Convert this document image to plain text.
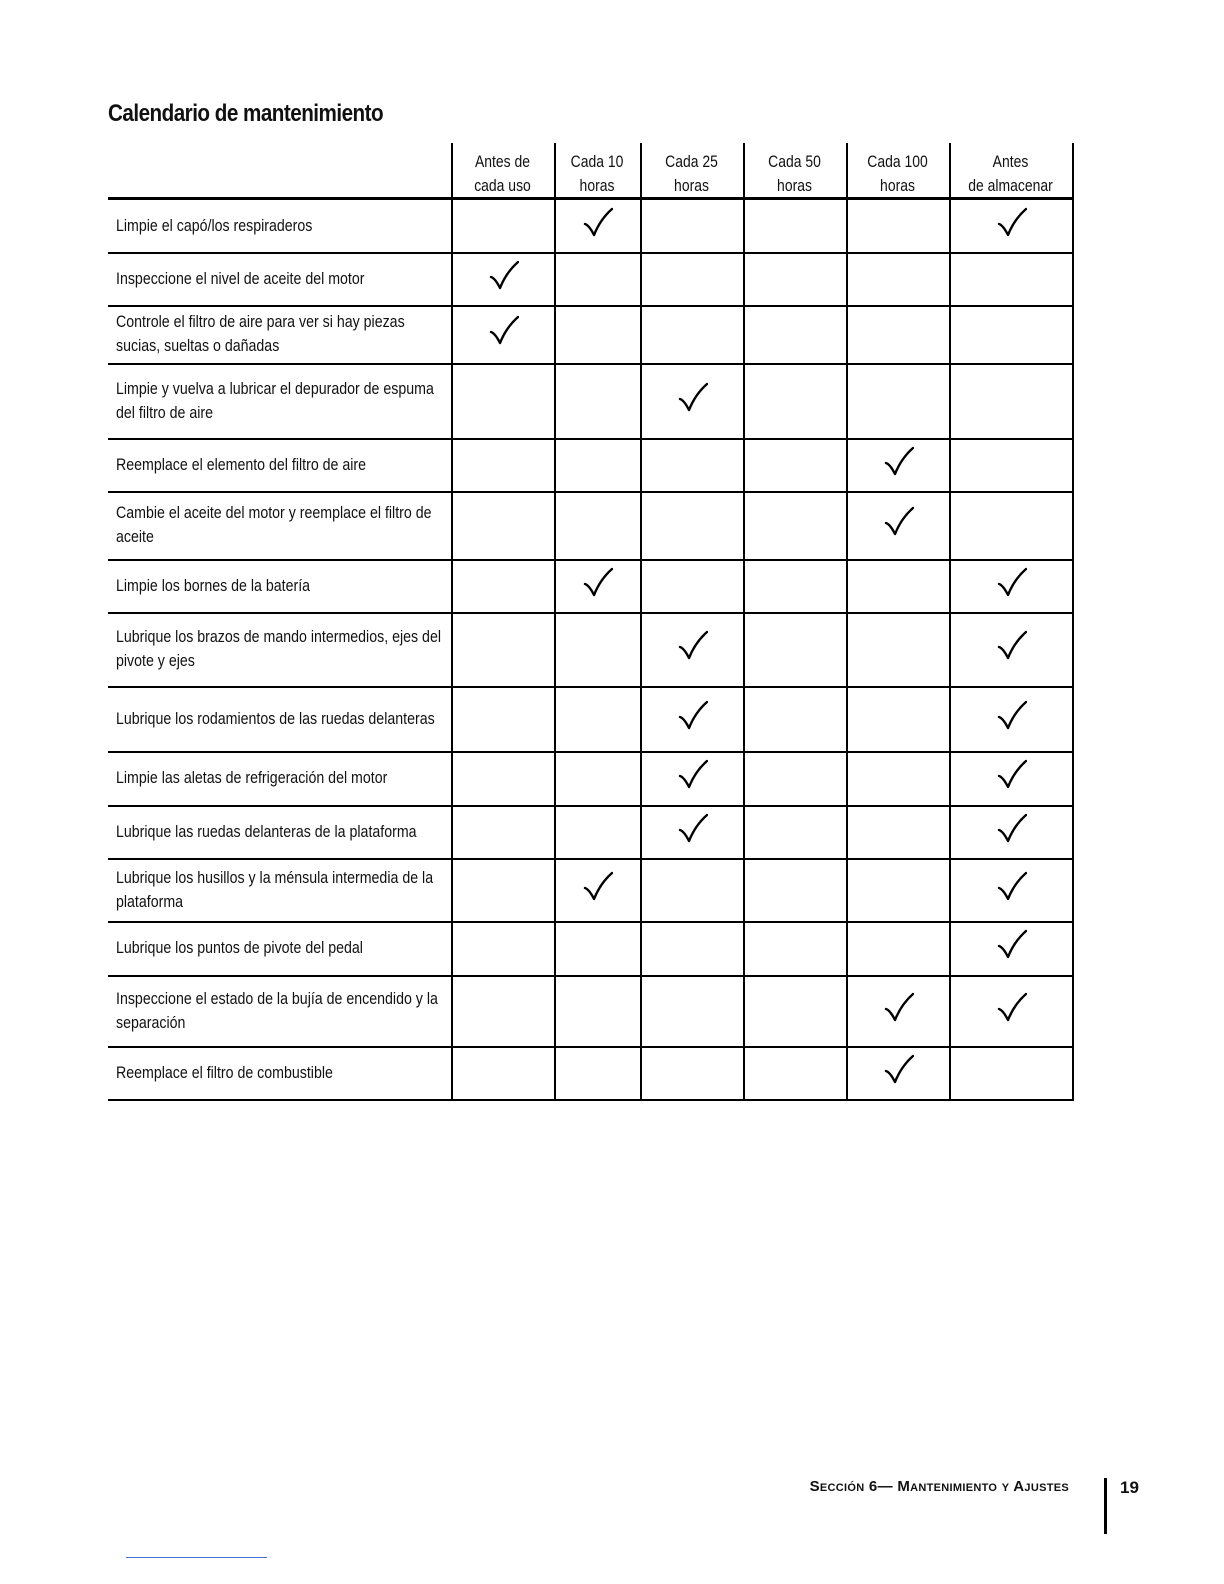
Calendario de mantenimiento
Antes de
cada uso
Cada 10
horas
Cada 25
horas
Cada 50
horas
Cada 100
horas
Antes
de almacenar
Limpie el capó/los respiraderos
Inspeccione el nivel de aceite del motor
Controle el filtro de aire para ver si hay piezas sucias, sueltas o dañadas
Limpie y vuelva a lubricar el depurador de espuma del filtro de aire
Reemplace el elemento del filtro de aire
Cambie el aceite del motor y reemplace el filtro de aceite
Limpie los bornes de la batería
Lubrique los brazos de mando intermedios, ejes del pivote y ejes
Lubrique los rodamientos de las ruedas delanteras
Limpie las aletas de refrigeración del motor
Lubrique las ruedas delanteras de la plataforma
Lubrique los husillos y la ménsula intermedia de la plataforma
Lubrique los puntos de pivote del pedal
Inspeccione el estado de la bujía de encendido y la separación
Reemplace el filtro de combustible
Sección 6— Mantenimiento y Ajustes	19
